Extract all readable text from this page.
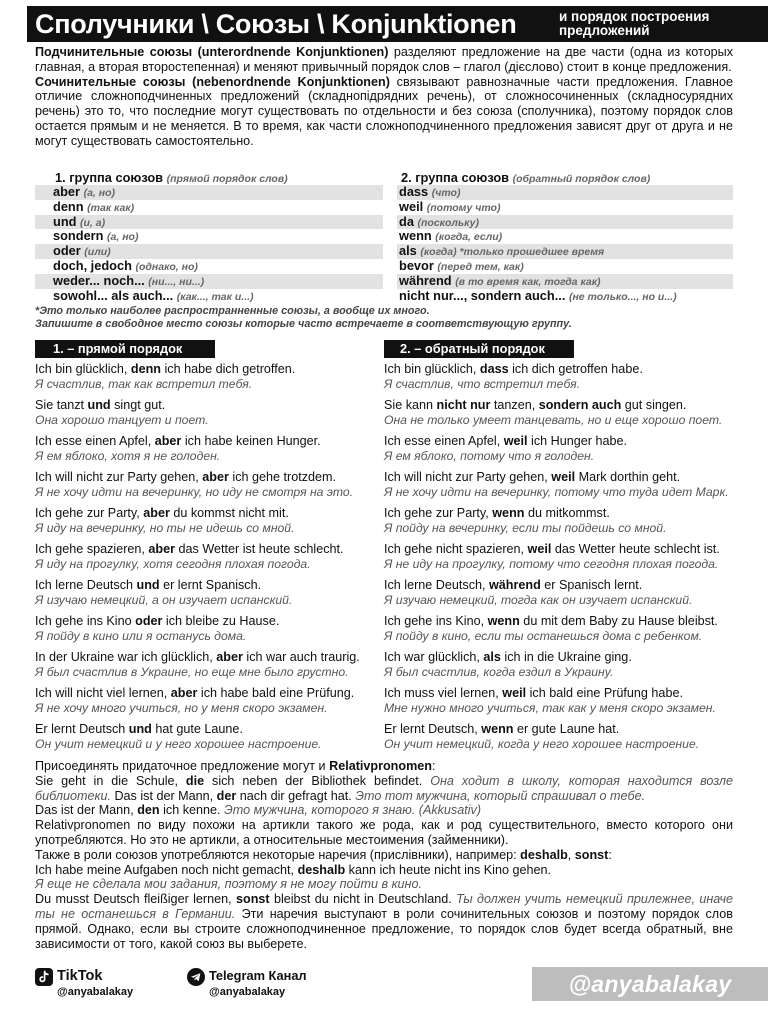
Сполучники \ Союзы \ Konjunktionen	и порядок построения
предложений

Подчинительные союзы (unterordnende Konjunktionen) разделяют предложение на две части (одна из которых главная, а вторая второстепенная) и меняют привычный порядок слов – глагол (дієслово) стоит в конце предложения.

Сочинительные союзы (nebenordnende Konjunktionen) связывают равнозначные части предложения. Главное отличие сложноподчиненных предложений (складнопідрядних речень), от сложносочиненных (складносурядних речень) это то, что последние могут существовать по отдельности и без союза (сполучника), поэтому порядок слов остается прямым и не меняется. В то время, как части сложноподчиненного предложения зависят друг от друга и не могут существовать самостоятельно.

1. группа союзов (прямой порядок слов)
aber (а, но)
denn (так как)
und (и, а)
sondern (а, но)
oder (или)
doch, jedoch (однако, но)
weder... noch... (ни..., ни...)
sowohl... als auch... (как..., так и...)
2. группа союзов (обратный порядок слов)
dass (что)
weil (потому что)
da (поскольку)
wenn (когда, если)
als (когда) *только прошедшее время
bevor (перед тем, как)
während (в то время как, тогда как)
nicht nur..., sondern auch... (не только..., но и...)
*Это только наиболее распространненные союзы, а вообще их много.
Запишите в свободное место союзы которые часто встречаете в соответствующую группу.
1. – прямой порядок	2. – обратный порядок
Ich bin glücklich, denn ich habe dich getroffen.
Я счастлив, так как встретил тебя.
Sie tanzt und singt gut.
Она хорошо танцует и поет.
Ich esse einen Apfel, aber ich habe keinen Hunger.
Я ем яблоко, хотя я не голоден.
Ich will nicht zur Party gehen, aber ich gehe trotzdem.
Я не хочу идти на вечеринку, но иду не смотря на это.
Ich gehe zur Party, aber du kommst nicht mit.
Я иду на вечеринку, но ты не идешь со мной.
Ich gehe spazieren, aber das Wetter ist heute schlecht.
Я иду на прогулку, хотя сегодня плохая погода.
Ich lerne Deutsch und er lernt Spanisch.
Я изучаю немецкий, а он изучает испанский.
Ich gehe ins Kino oder ich bleibe zu Hause.
Я пойду в кино или я останусь дома.
In der Ukraine war ich glücklich, aber ich war auch traurig.
Я был счастлив в Украине, но еще мне было грустно.
Ich will nicht viel lernen, aber ich habe bald eine Prüfung.
Я не хочу много учиться, но у меня скоро экзамен.
Er lernt Deutsch und hat gute Laune.
Он учит немецкий и у него хорошее настроение.
Ich bin glücklich, dass ich dich getroffen habe.
Я счастлив, что встретил тебя.
Sie kann nicht nur tanzen, sondern auch gut singen.
Она не только умеет танцевать, но и еще хорошо поет.
Ich esse einen Apfel, weil ich Hunger habe.
Я ем яблоко, потому что я голоден.
Ich will nicht zur Party gehen, weil Mark dorthin geht.
Я не хочу идти на вечеринку, потому что туда идет Марк.
Ich gehe zur Party, wenn du mitkommst.
Я пойду на вечеринку, если ты пойдешь со мной.
Ich gehe nicht spazieren, weil das Wetter heute schlecht ist.
Я не иду на прогулку, потому что сегодня плохая погода.
Ich lerne Deutsch, während er Spanisch lernt.
Я изучаю немецкий, тогда как он изучает испанский.
Ich gehe ins Kino, wenn du mit dem Baby zu Hause bleibst.
Я пойду в кино, если ты останешься дома с ребенком.
Ich war glücklich, als ich in die Ukraine ging.
Я был счастлив, когда ездил в Украину.
Ich muss viel lernen, weil ich bald eine Prüfung habe.
Мне нужно много учиться, так как у меня скоро экзамен.
Er lernt Deutsch, wenn er gute Laune hat.
Он учит немецкий, когда у него хорошее настроение.

Присоединять придаточное предложение могут и Relativpronomen:

Sie geht in die Schule, die sich neben der Bibliothek befindet. Она ходит в школу, которая находится возле библиотеки. Das ist der Mann, der nach dir gefragt hat. Это тот мужчина, который спрашивал о тебе.

Das ist der Mann, den ich kenne. Это мужчина, которого я знаю. (Akkusativ)

Relativpronomen по виду похожи на артикли такого же рода, как и род существительного, вместо которого они употребляются. Но это не артикли, а относительные местоимения (займенники).

Также в роли союзов употребляются некоторые наречия (прислівники), например: deshalb, sonst:

Ich habe meine Aufgaben noch nicht gemacht, deshalb kann ich heute nicht ins Kino gehen.

Я еще не сделала мои задания, поэтому я не могу пойти в кино.

Du musst Deutsch fleißiger lernen, sonst bleibst du nicht in Deutschland. Ты должен учить немецкий прилежнее, иначе ты не останешься в Германии. Эти наречия выступают в роли сочинительных союзов и поэтому порядок слов прямой. Однако, если вы строите сложноподчиненное предложение, то порядок слов будет всегда обратный, вне зависимости от того, какой союз вы выберете.

TikTok
@anyabalakay
Telegram Канал
@anyabalakay	@anyabalakay
